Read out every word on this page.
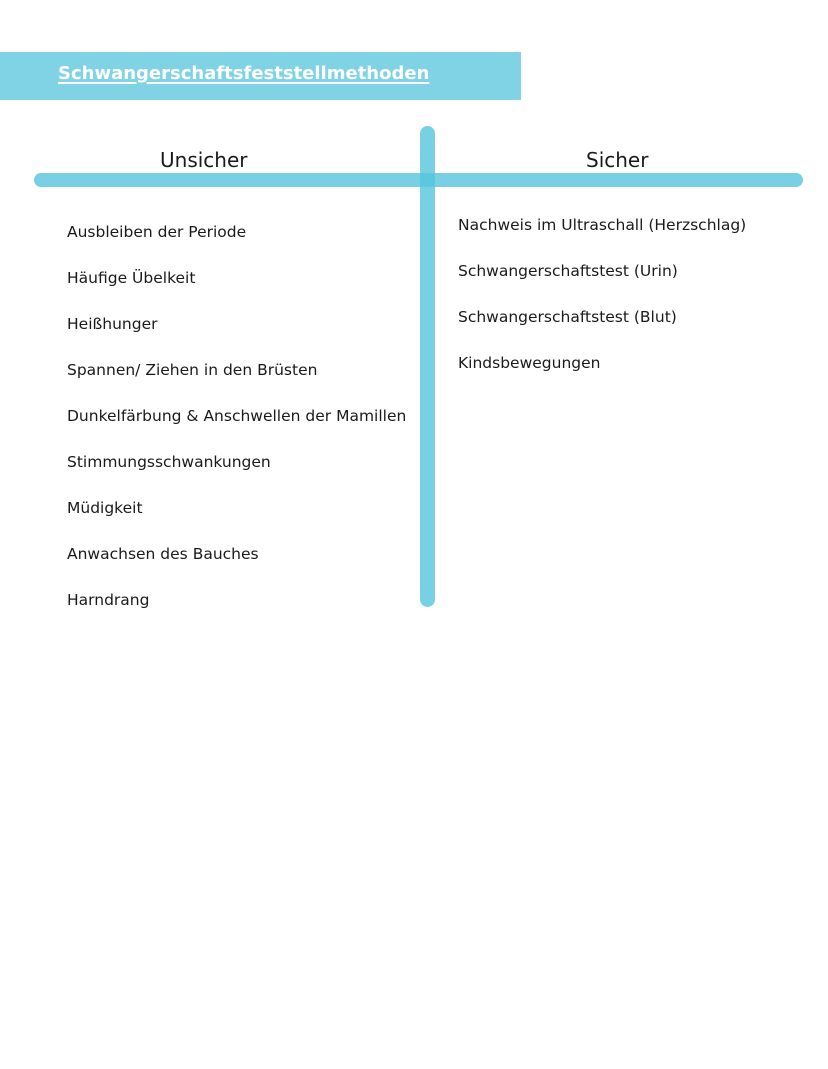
Schwangerschaftsfeststellmethoden
Unsicher	Sicher
Ausbleiben der Periode
Häufige Übelkeit
Heißhunger
Spannen/ Ziehen in den Brüsten
Dunkelfärbung & Anschwellen der Mamillen
Stimmungsschwankungen
Müdigkeit
Anwachsen des Bauches
Harndrang
Nachweis im Ultraschall (Herzschlag)
Schwangerschaftstest (Urin)
Schwangerschaftstest (Blut)
Kindsbewegungen
